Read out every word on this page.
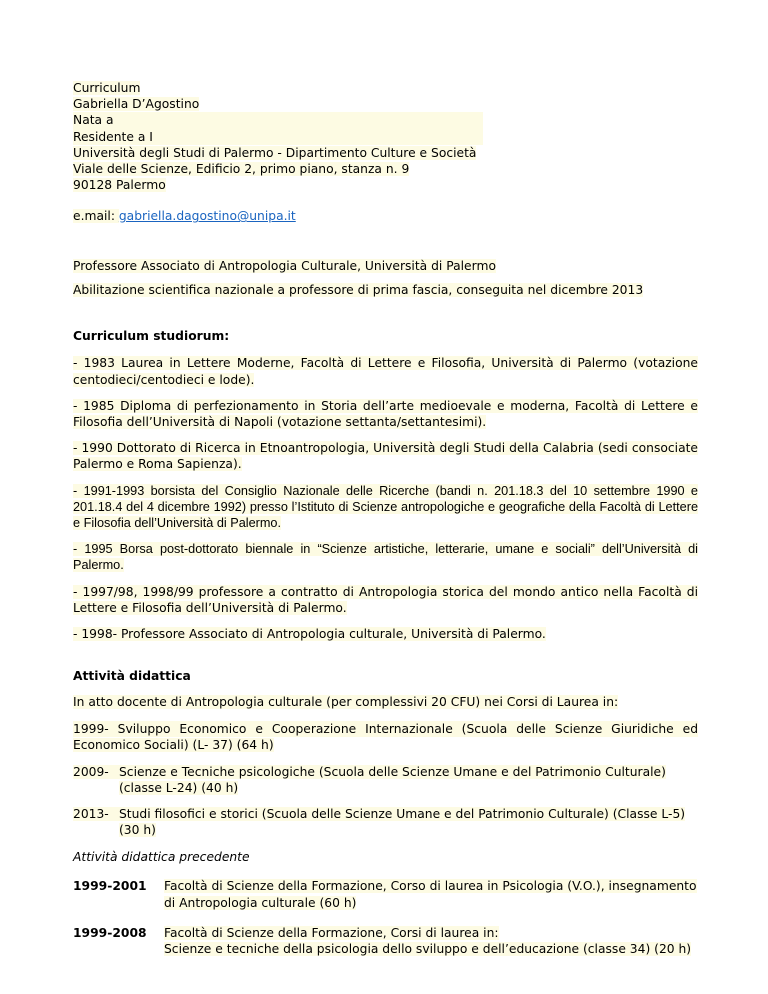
Curriculum
Gabriella D’Agostino
Nata a
Residente a I
Università degli Studi di Palermo - Dipartimento Culture e Società
Viale delle Scienze, Edificio 2, primo piano, stanza n. 9
90128 Palermo
e.mail: gabriella.dagostino@unipa.it
Professore Associato di Antropologia Culturale, Università di Palermo
Abilitazione scientifica nazionale a professore di prima fascia, conseguita nel dicembre 2013
Curriculum studiorum:
- 1983 Laurea in Lettere Moderne, Facoltà di Lettere e Filosofia, Università di Palermo (votazione centodieci/centodieci e lode).
- 1985 Diploma di perfezionamento in Storia dell’arte medioevale e moderna, Facoltà di Lettere e Filosofia dell’Università di Napoli (votazione settanta/settantesimi).
- 1990 Dottorato di Ricerca in Etnoantropologia, Università degli Studi della Calabria (sedi consociate Palermo e Roma Sapienza).
- 1991-1993 borsista del Consiglio Nazionale delle Ricerche (bandi n. 201.18.3 del 10 settembre 1990 e 201.18.4 del 4 dicembre 1992) presso l’Istituto di Scienze antropologiche e geografiche della Facoltà di Lettere e Filosofia dell’Università di Palermo.
- 1995 Borsa post-dottorato biennale in “Scienze artistiche, letterarie, umane e sociali” dell’Università di Palermo.
- 1997/98, 1998/99 professore a contratto di Antropologia storica del mondo antico nella Facoltà di Lettere e Filosofia dell’Università di Palermo.
- 1998- Professore Associato di Antropologia culturale, Università di Palermo.
Attività didattica
In atto docente di Antropologia culturale (per complessivi 20 CFU) nei Corsi di Laurea in:
1999- Sviluppo Economico e Cooperazione Internazionale (Scuola delle Scienze Giuridiche ed
Economico Sociali) (L- 37) (64 h)
2009- Scienze e Tecniche psicologiche (Scuola delle Scienze Umane e del Patrimonio Culturale)
(classe L-24) (40 h)
2013- Studi filosofici e storici (Scuola delle Scienze Umane e del Patrimonio Culturale) (Classe L-5)
(30 h)
Attività didattica precedente
1999-2001	Facoltà di Scienze della Formazione, Corso di laurea in Psicologia (V.O.), insegnamento di Antropologia culturale (60 h)
1999-2008	Facoltà di Scienze della Formazione, Corsi di laurea in:
Scienze e tecniche della psicologia dello sviluppo e dell’educazione (classe 34) (20 h)
